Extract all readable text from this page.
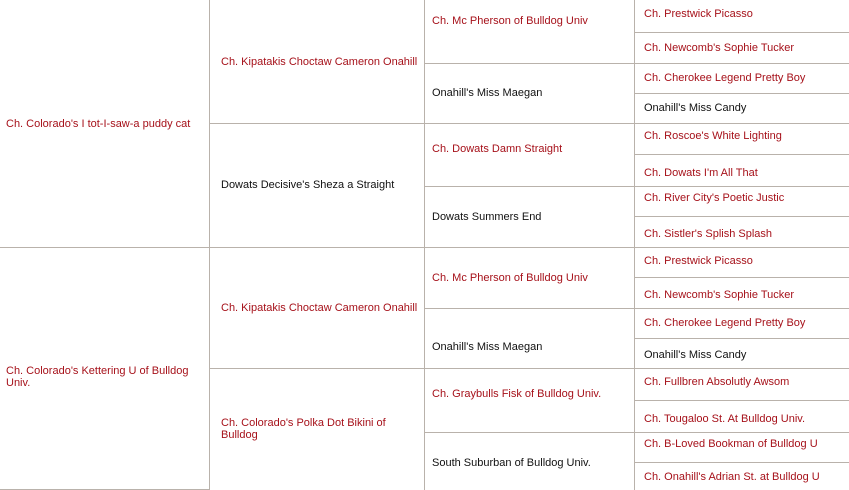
Ch. Colorado's I tot-I-saw-a puddy cat
Ch. Colorado's Kettering U of Bulldog Univ.
Ch. Kipatakis Choctaw Cameron Onahill
Dowats Decisive's Sheza a Straight
Ch. Kipatakis Choctaw Cameron Onahill
Ch. Colorado's Polka Dot Bikini of Bulldog
Ch. Mc Pherson of Bulldog Univ
Onahill's Miss Maegan
Ch. Dowats Damn Straight
Dowats Summers End
Ch. Mc Pherson of Bulldog Univ
Onahill's Miss Maegan
Ch. Graybulls Fisk of Bulldog Univ.
South Suburban of Bulldog Univ.
Ch. Prestwick Picasso
Ch. Newcomb's Sophie Tucker
Ch. Cherokee Legend Pretty Boy
Onahill's Miss Candy
Ch. Roscoe's White Lighting
Ch. Dowats I'm All That
Ch. River City's Poetic Justic
Ch. Sistler's Splish Splash
Ch. Prestwick Picasso
Ch. Newcomb's Sophie Tucker
Ch. Cherokee Legend Pretty Boy
Onahill's Miss Candy
Ch. Fullbren Absolutly Awsom
Ch. Tougaloo St. At Bulldog Univ.
Ch. B-Loved Bookman of Bulldog U
Ch. Onahill's Adrian St. at Bulldog U
